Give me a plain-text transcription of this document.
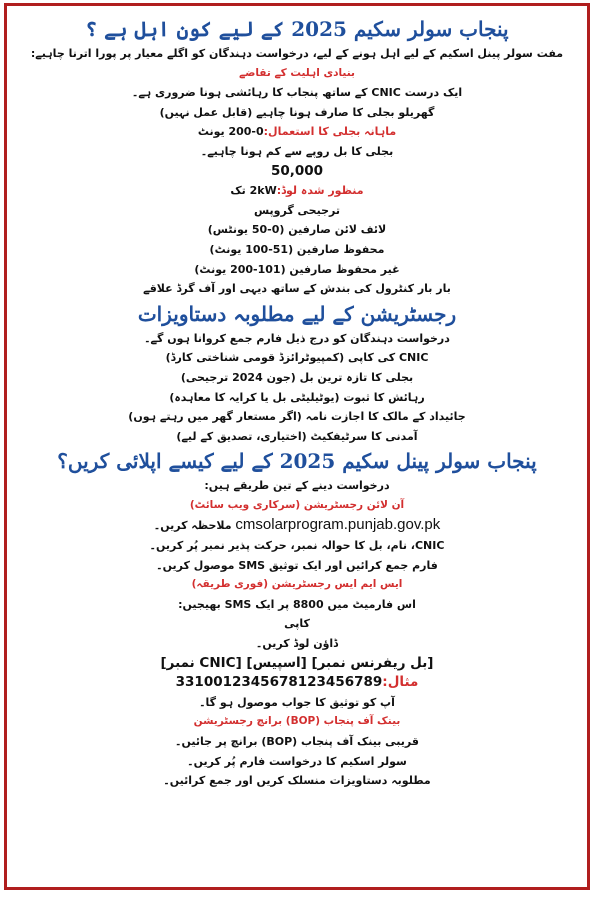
پنجاب سولر سکیم 2025 کے لیے کون اہل ہے ؟
مفت سولر پینل اسکیم کے لیے اہل ہونے کے لیے، درخواست دہندگان کو اگلے معیار پر پورا اترنا چاہیے:
بنیادی اہلیت کے تقاضے
ایک درست CNIC کے ساتھ پنجاب کا رہائشی ہونا ضروری ہے۔
گھریلو بجلی کا صارف ہونا چاہیے (قابل عمل نہیں)
ماہانہ بجلی کا استعمال:0-200 یونٹ
بجلی کا بل روپے سے کم ہونا چاہیے۔
50,000
منظور شدہ لوڈ:2kW تک
ترجیحی گروپس
لائف لائن صارفین (0-50 یونٹس)
محفوظ صارفین (51-100 یونٹ)
غیر محفوظ صارفین (101-200 یونٹ)
بار بار کنٹرول کی بندش کے ساتھ دیہی اور آف گرڈ علاقے
رجسٹریشن کے لیے مطلوبہ دستاویزات
درخواست دہندگان کو درج ذیل فارم جمع کروانا ہوں گے۔
CNIC کی کاپی (کمپیوٹرائزڈ قومی شناختی کارڈ)
بجلی کا تازہ ترین بل (جون 2024 ترجیحی)
رہائش کا ثبوت (یوٹیلیٹی بل یا کرایہ کا معاہدہ)
جائیداد کے مالک کا اجازت نامہ (اگر مستعار گھر میں رہتے ہوں)
آمدنی کا سرٹیفکیٹ (اختیاری، تصدیق کے لیے)
پنجاب سولر پینل سکیم 2025 کے لیے کیسے اپلائی کریں؟
درخواست دینے کے تین طریقے ہیں:
آن لائن رجسٹریشن (سرکاری ویب سائٹ)
cmsolarprogram.punjab.gov.pk ملاحظہ کریں۔
CNIC، نام، بل کا حوالہ نمبر، حرکت پذیر نمبر پُر کریں۔
فارم جمع کرائیں اور ایک توثیق SMS موصول کریں۔
ایس ایم ایس رجسٹریشن (فوری طریقہ)
اس فارمیٹ میں 8800 پر ایک SMS بھیجیں:
کاپی
ڈاؤن لوڈ کریں۔
[بل ریفرنس نمبر] [اسپیس] [CNIC نمبر]
مثال:3310012345678123456789
آپ کو توثیق کا جواب موصول ہو گا۔
بینک آف پنجاب (BOP) برانچ رجسٹریشن
قریبی بینک آف پنجاب (BOP) برانچ پر جائیں۔
سولر اسکیم کا درخواست فارم پُر کریں۔
مطلوبہ دستاویزات منسلک کریں اور جمع کرائیں۔
